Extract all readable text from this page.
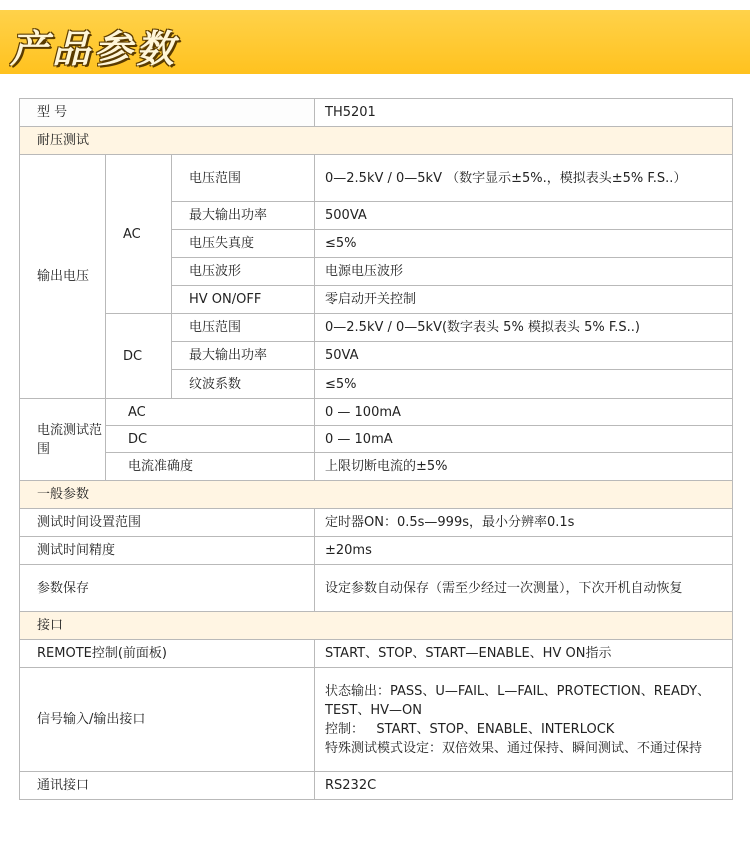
产品参数
型 号			TH5201
耐压测试			
输出电压	AC	电压范围	0—2.5kV / 0—5kV （数字显示±5%.，模拟表头±5% F.S..）
		最大输出功率	500VA
		电压失真度	≤5%
		电压波形	电源电压波形
		HV ON/OFF	零启动开关控制
	DC	电压范围	0—2.5kV / 0—5kV(数字表头 5% 模拟表头 5% F.S..)
		最大输出功率	50VA
		纹波系数	≤5%
电流测试范围	AC		0 — 100mA
	DC		0 — 10mA
	电流准确度		上限切断电流的±5%
一般参数			
测试时间设置范围			定时器ON：0.5s—999s，最小分辨率0.1s
测试时间精度			±20ms
参数保存			设定参数自动保存（需至少经过一次测量），下次开机自动恢复
接口			
REMOTE控制(前面板)			START、STOP、START—ENABLE、HV ON指示
信号输入/输出接口			状态输出：PASS、U—FAIL、L—FAIL、PROTECTION、READY、TEST、HV—ON
控制：   START、STOP、ENABLE、INTERLOCK
特殊测试模式设定：双倍效果、通过保持、瞬间测试、不通过保持

通讯接口			RS232C
